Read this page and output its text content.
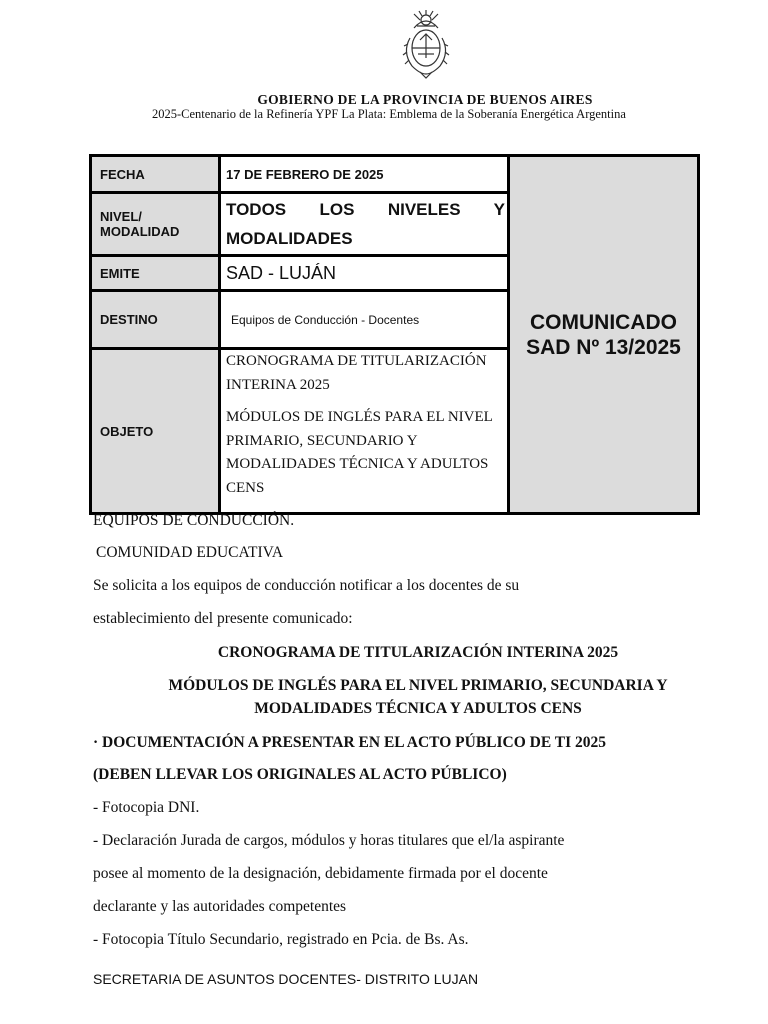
GOBIERNO DE LA PROVINCIA DE BUENOS AIRES
2025-Centenario de la Refinería YPF La Plata: Emblema de la Soberanía Energética Argentina
FECHA	17 DE FEBRERO DE 2025	COMUNICADO
SAD Nº 13/2025

NIVEL/
MODALIDAD	TODOS LOS NIVELES Y MODALIDADES	
EMITE	SAD - LUJÁN	
DESTINO	Equipos de Conducción - Docentes	
OBJETO	CRONOGRAMA DE TITULARIZACIÓN INTERINA 2025

MÓDULOS DE INGLÉS PARA EL NIVEL PRIMARIO, SECUNDARIO Y MODALIDADES TÉCNICA Y ADULTOS CENS	

EQUIPOS DE CONDUCCIÓN.
COMUNIDAD EDUCATIVA
Se solicita a los equipos de conducción notificar a los docentes de su
establecimiento del presente comunicado:
CRONOGRAMA DE TITULARIZACIÓN INTERINA 2025
MÓDULOS DE INGLÉS PARA EL NIVEL PRIMARIO, SECUNDARIA Y
MODALIDADES TÉCNICA Y ADULTOS CENS
· DOCUMENTACIÓN A PRESENTAR EN EL ACTO PÚBLICO DE TI 2025
(DEBEN LLEVAR LOS ORIGINALES AL ACTO PÚBLICO)
- Fotocopia DNI.
- Declaración Jurada de cargos, módulos y horas titulares que el/la aspirante
posee al momento de la designación, debidamente firmada por el docente
declarante y las autoridades competentes
- Fotocopia Título Secundario, registrado en Pcia. de Bs. As.
SECRETARIA DE ASUNTOS DOCENTES- DISTRITO LUJAN
